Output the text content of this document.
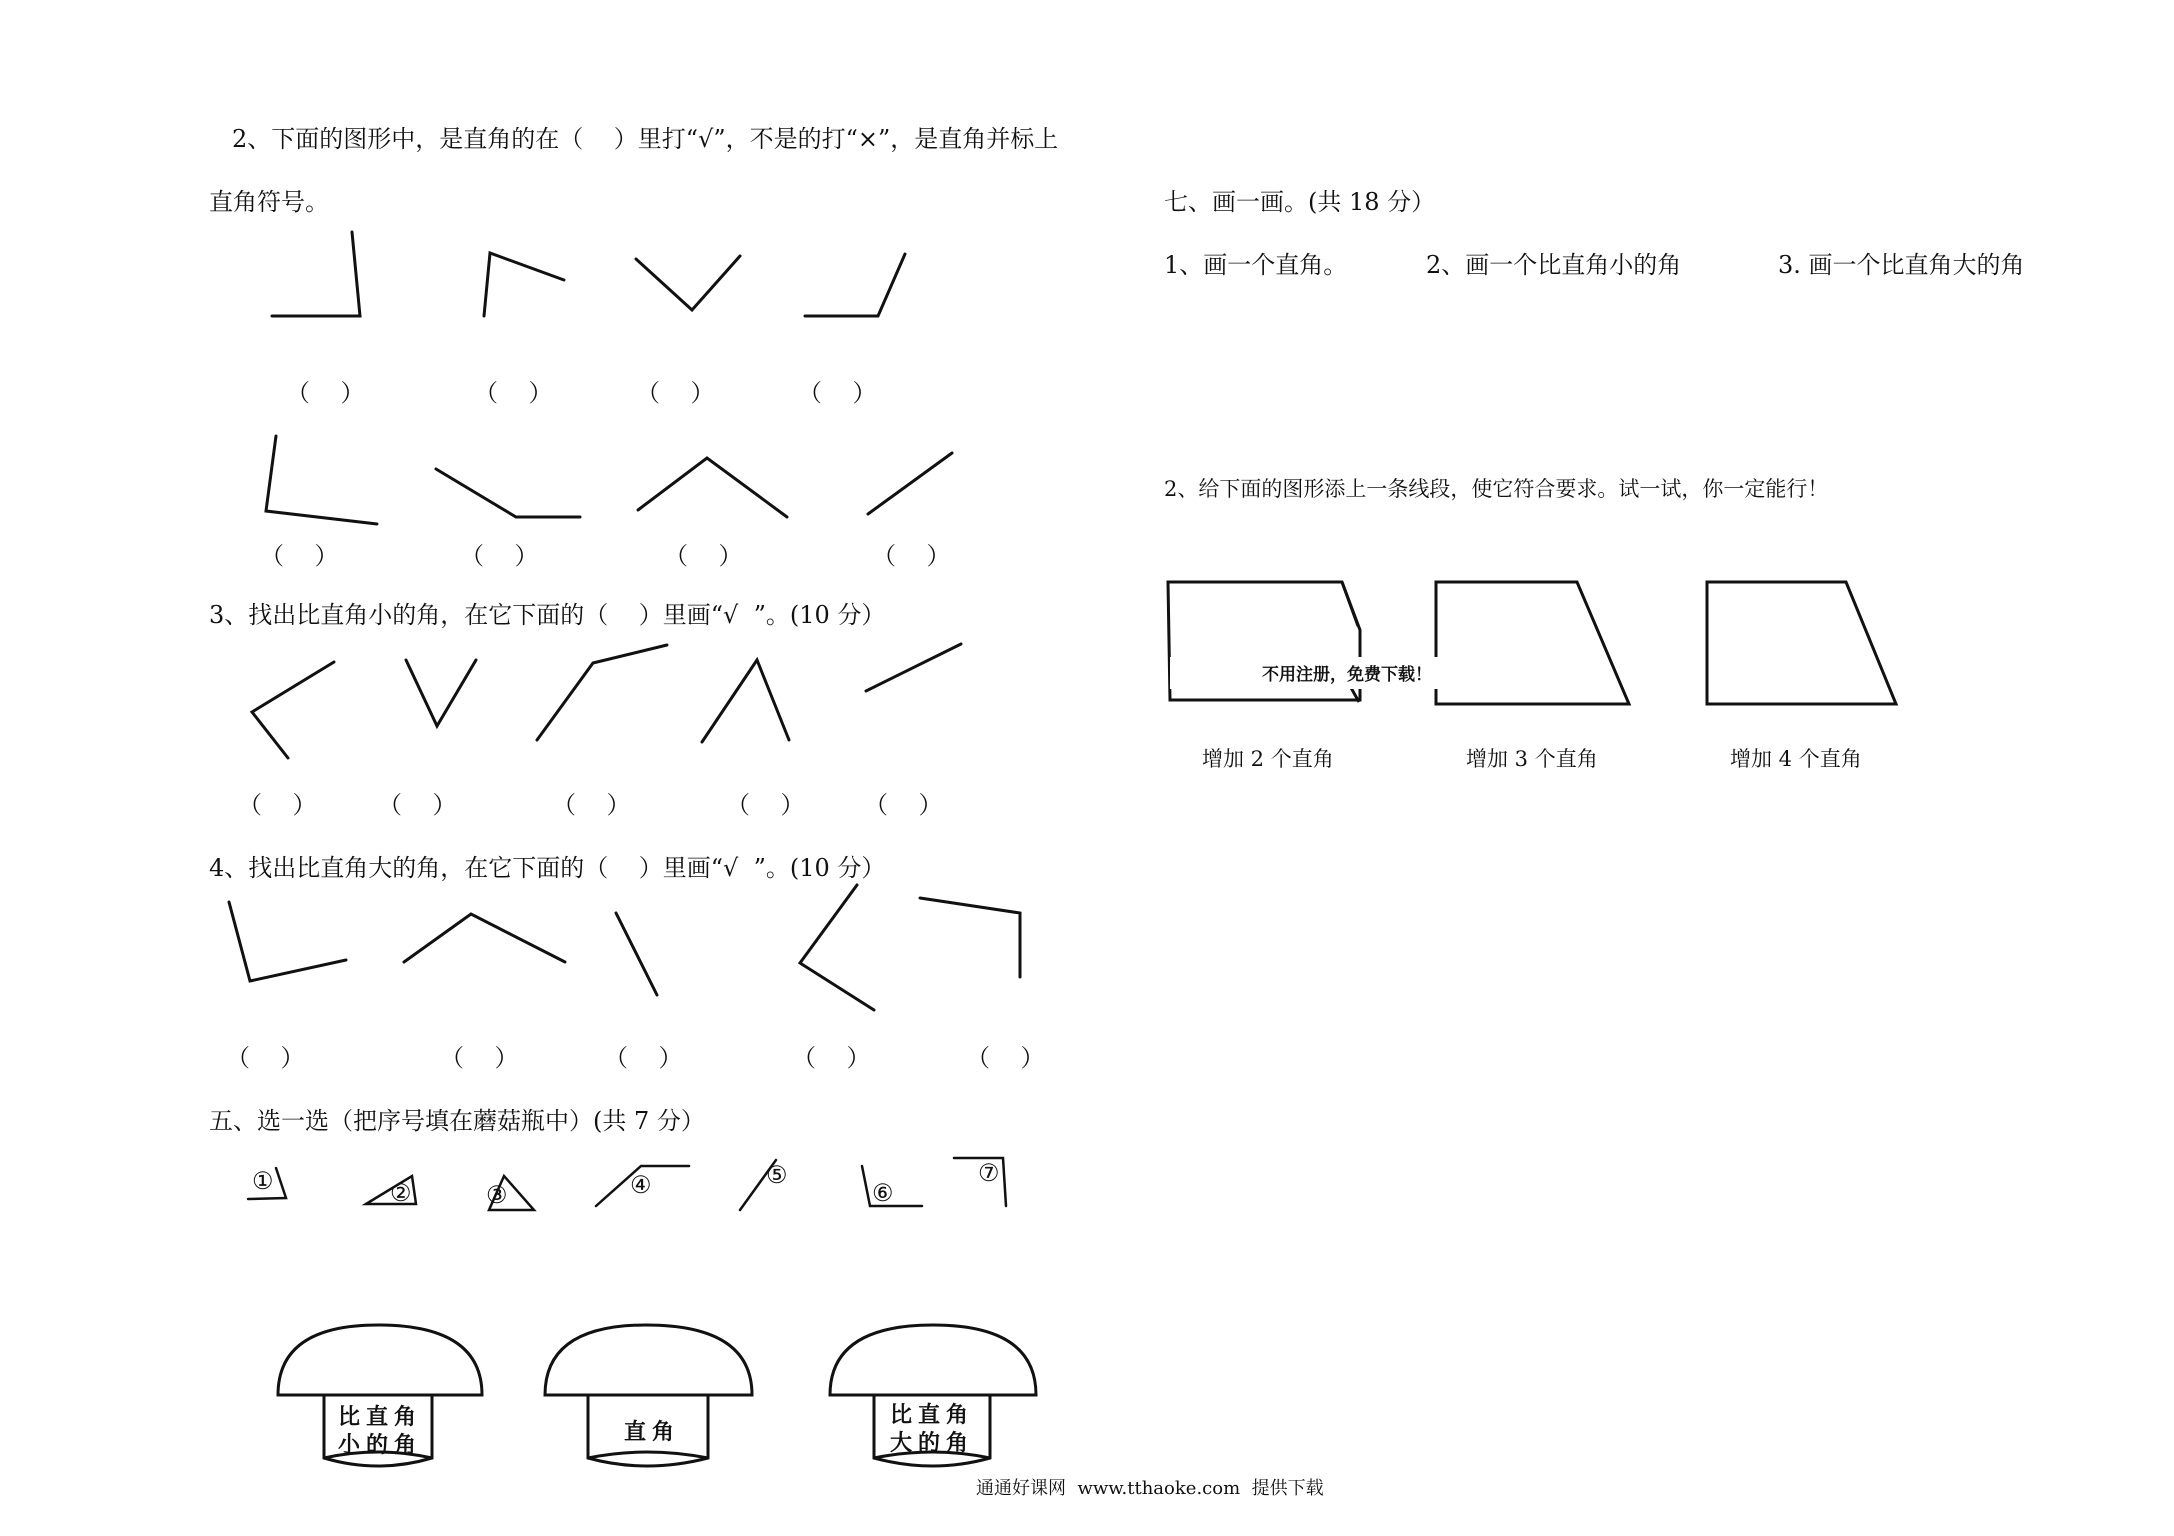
2、下面的图形中，是直角的在（    ）里打“√”，不是的打“×”，是直角并标上
直角符号。
（    ）	（    ）	（    ）	（    ）
（    ）	（    ）	（    ）	（    ）
3、找出比直角小的角，在它下面的（    ）里画“√  ”。(10 分）
（    ）	（    ）	（    ）	（    ） （    ）
4、找出比直角大的角，在它下面的（    ）里画“√  ”。(10 分）
（    ）	（    ）	（    ）	（    ）	（    ）
五、选一选（把序号填在蘑菇瓶中）(共 7 分）
①	②	③	④	⑤
⑥
⑦
比直角
小的角
直角
比直角
大的角
七、画一画。(共 18 分）
1、画一个直角。	2、画一个比直角小的角	3. 画一个比直角大的角
2、给下面的图形添上一条线段，使它符合要求。试一试，你一定能行！
不用注册，免费下载！
增加 2 个直角	增加 3 个直角	增加 4 个直角
通通好课网  www.tthaoke.com  提供下载
